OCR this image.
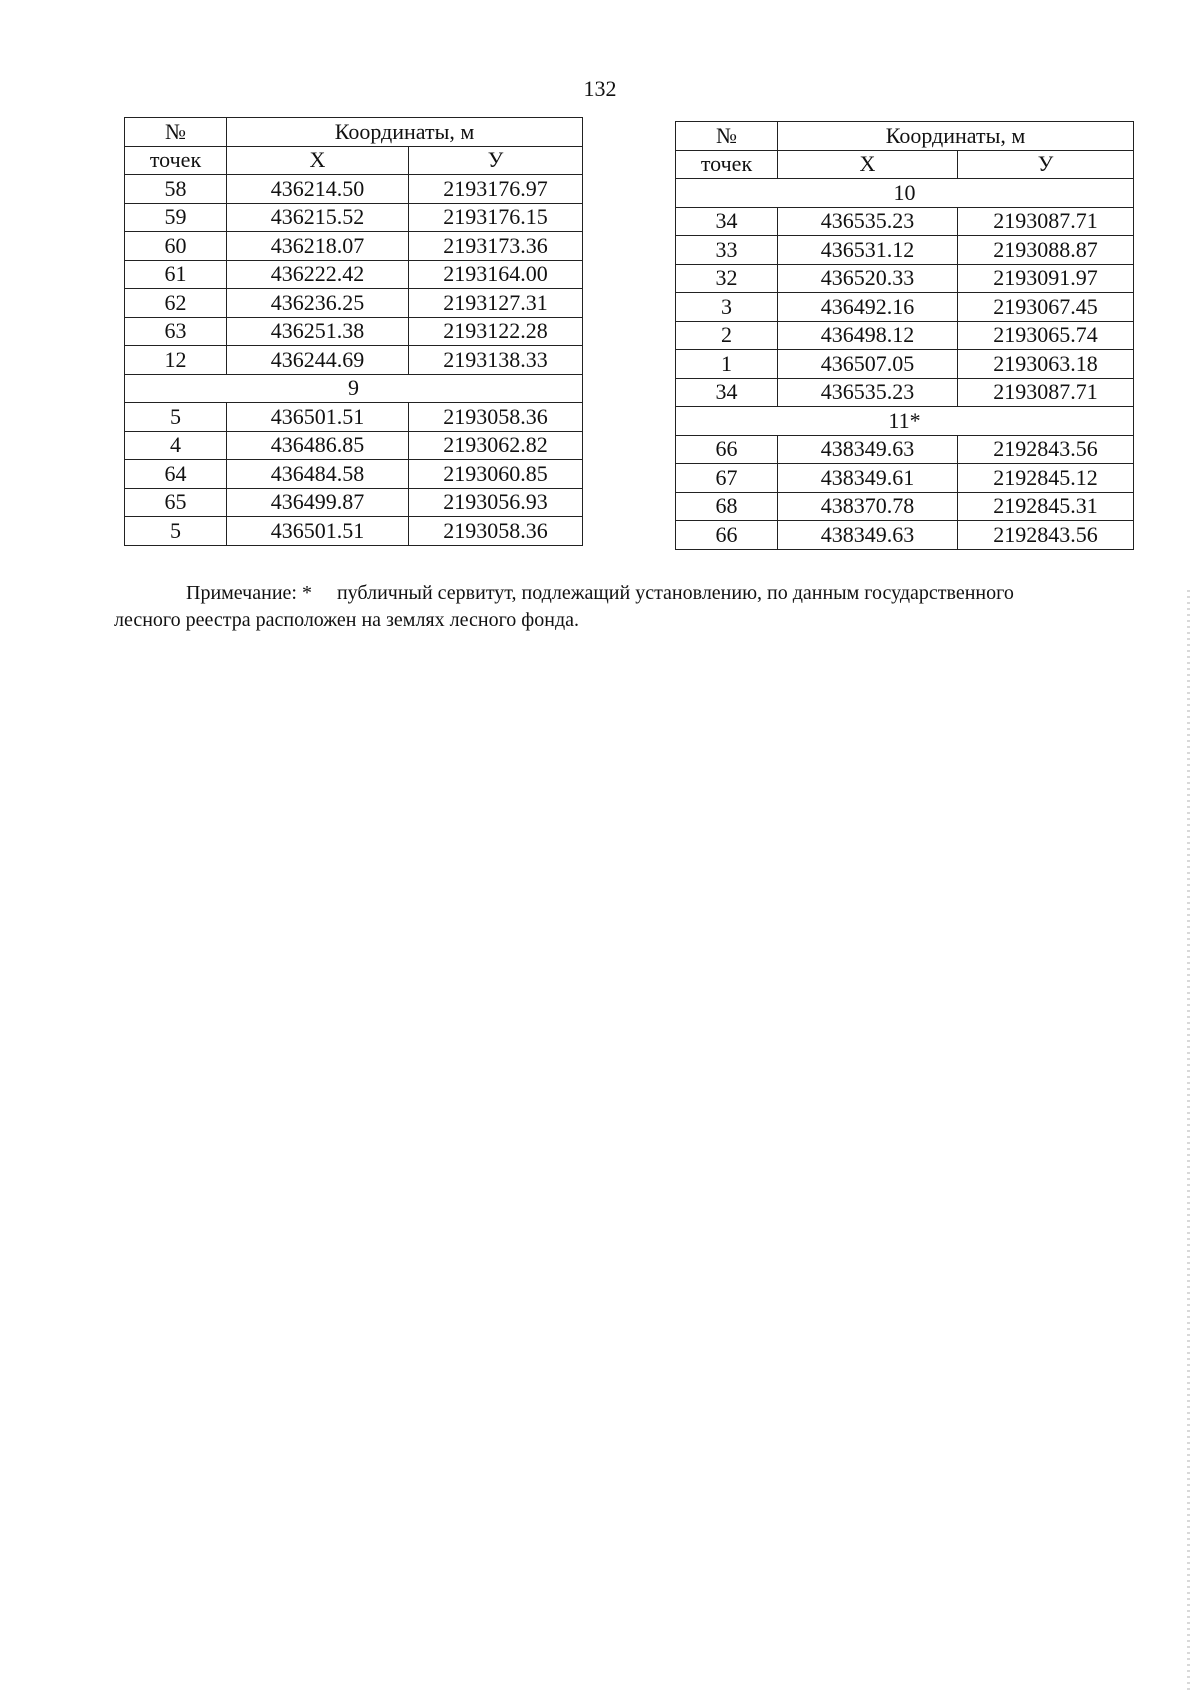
132
№	Координаты, м	
точек	X	У
58	436214.50	2193176.97
59	436215.52	2193176.15
60	436218.07	2193173.36
61	436222.42	2193164.00
62	436236.25	2193127.31
63	436251.38	2193122.28
12	436244.69	2193138.33
9		
5	436501.51	2193058.36
4	436486.85	2193062.82
64	436484.58	2193060.85
65	436499.87	2193056.93
5	436501.51	2193058.36
№	Координаты, м	
точек	X	У
10		
34	436535.23	2193087.71
33	436531.12	2193088.87
32	436520.33	2193091.97
3	436492.16	2193067.45
2	436498.12	2193065.74
1	436507.05	2193063.18
34	436535.23	2193087.71
11*		
66	438349.63	2192843.56
67	438349.61	2192845.12
68	438370.78	2192845.31
66	438349.63	2192843.56
Примечание: * публичный сервитут, подлежащий установлению, по данным государственного
лесного реестра расположен на землях лесного фонда.
